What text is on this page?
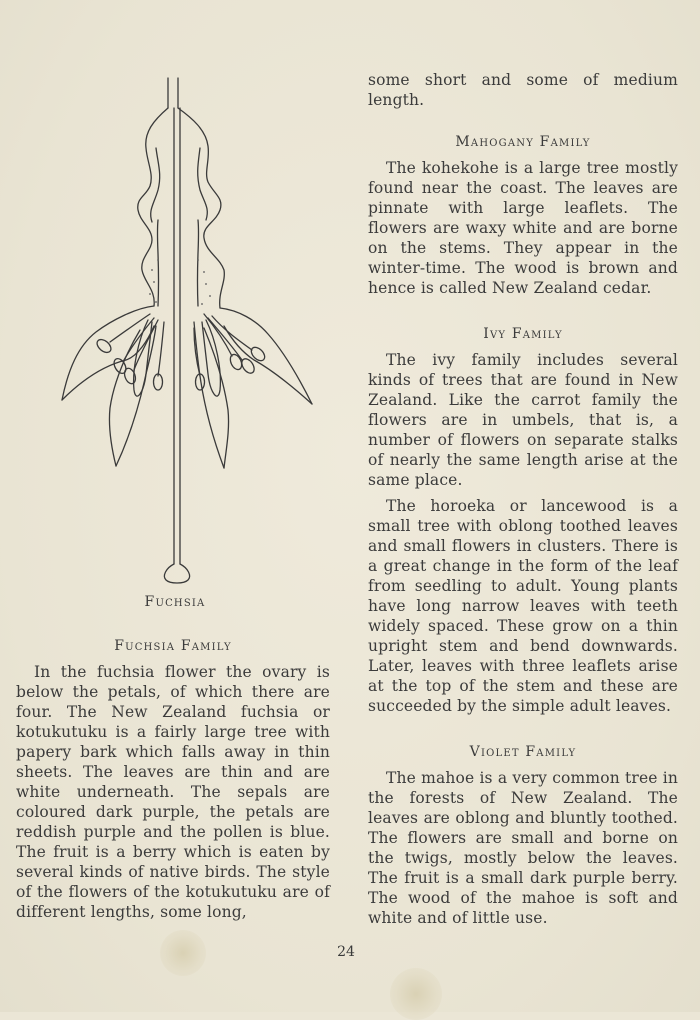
Fuchsia

Fuchsia Family

In the fuchsia flower the ovary is below the petals, of which there are four. The New Zealand fuchsia or kotukutuku is a fairly large tree with papery bark which falls away in thin sheets. The leaves are thin and are white underneath. The sepals are coloured dark purple, the petals are reddish purple and the pollen is blue. The fruit is a berry which is eaten by several kinds of native birds. The style of the flowers of the kotukutuku are of different lengths, some long,

some short and some of medium length.

Mahogany Family

The kohekohe is a large tree mostly found near the coast. The leaves are pinnate with large leaflets. The flowers are waxy white and are borne on the stems. They appear in the winter-time. The wood is brown and hence is called New Zealand cedar.

Ivy Family

The ivy family includes several kinds of trees that are found in New Zealand. Like the carrot family the flowers are in umbels, that is, a number of flowers on separate stalks of nearly the same length arise at the same place.

The horoeka or lancewood is a small tree with oblong toothed leaves and small flowers in clusters. There is a great change in the form of the leaf from seedling to adult. Young plants have long narrow leaves with teeth widely spaced. These grow on a thin upright stem and bend downwards. Later, leaves with three leaflets arise at the top of the stem and these are succeeded by the simple adult leaves.

Violet Family

The mahoe is a very common tree in the forests of New Zealand. The leaves are oblong and bluntly toothed. The flowers are small and borne on the twigs, mostly below the leaves. The fruit is a small dark purple berry. The wood of the mahoe is soft and white and of little use.

24
